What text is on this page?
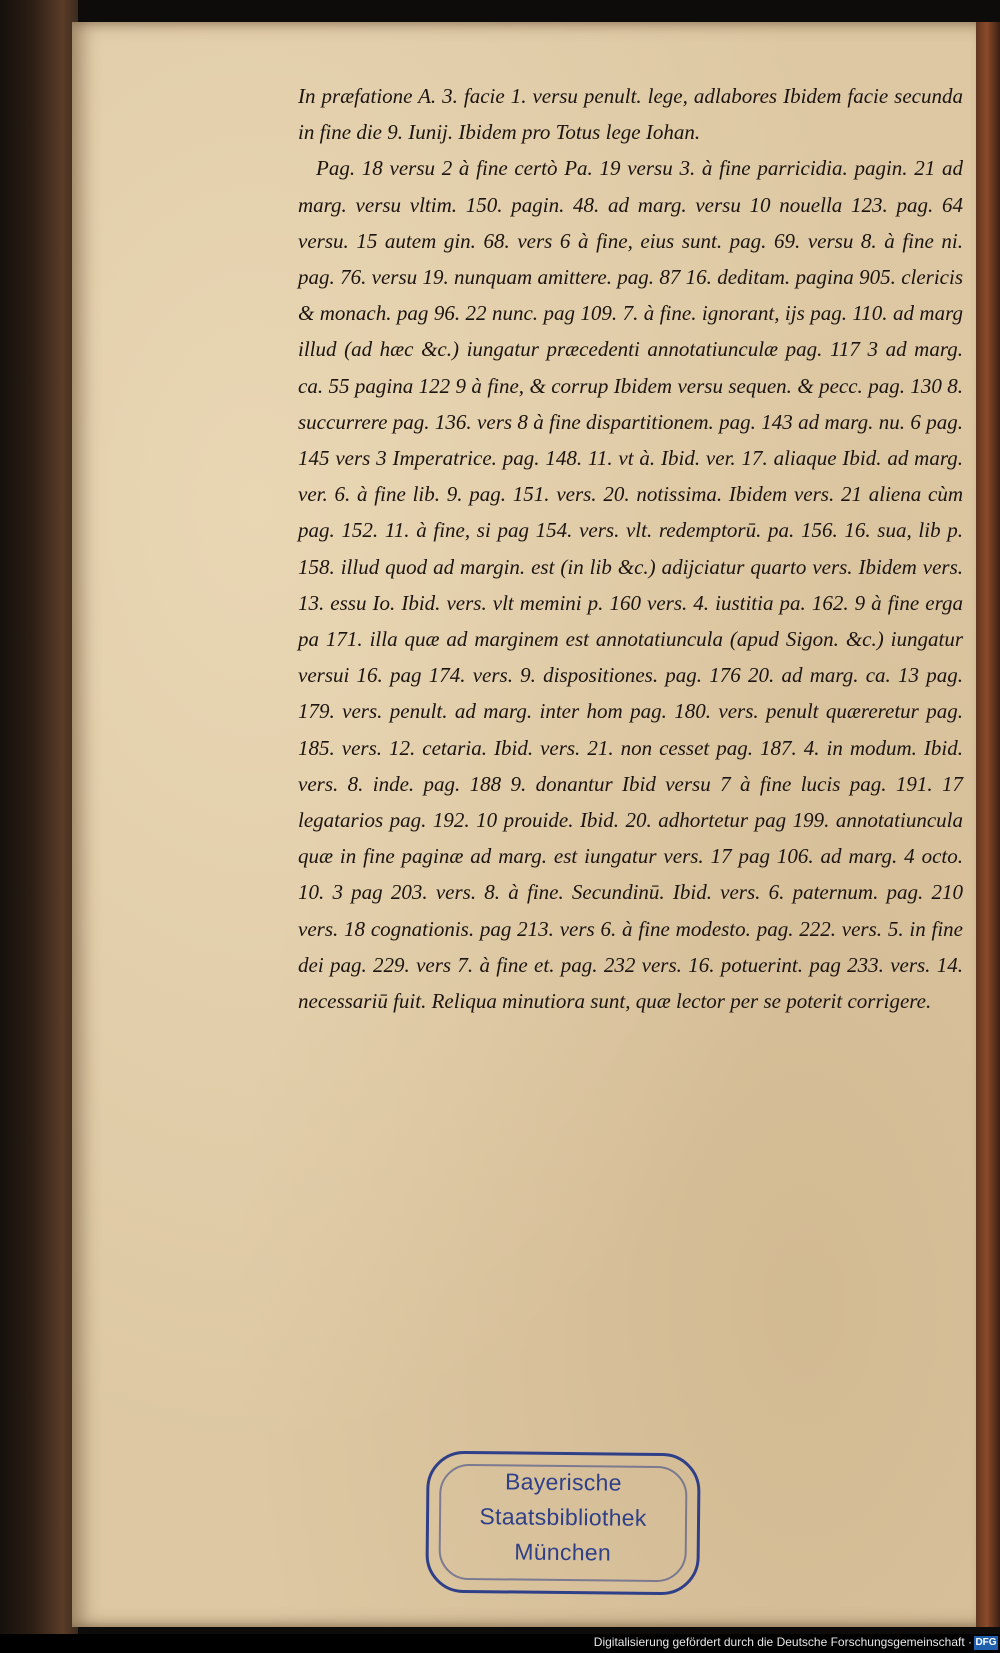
In præfatione A. 3. facie 1. versu penult. lege, adlabores Ibidem facie secunda in fine die 9. Iunij. Ibidem pro Totus lege Iohan.
Pag. 18 versu 2 à fine certò Pa. 19 versu 3. à fine parricidia. pagin. 21 ad marg. versu vltim. 150. pagin. 48. ad marg. versu 10 nouella 123. pag. 64 versu. 15 autem gin. 68. vers 6 à fine, eius sunt. pag. 69. versu 8. à fine ni. pag. 76. versu 19. nunquam amittere. pag. 87 16. deditam. pagina 905. clericis & monach. pag 96. 22 nunc. pag 109. 7. à fine. ignorant, ijs pag. 110. ad marg illud (ad hæc &c.) iungatur præcedenti annotatiunculæ pag. 117 3 ad marg. ca. 55 pagina 122 9 à fine, & corrup Ibidem versu sequen. & pecc. pag. 130 8. succurrere pag. 136. vers 8 à fine dispartitionem. pag. 143 ad marg. nu. 6 pag. 145 vers 3 Imperatrice. pag. 148. 11. vt à. Ibid. ver. 17. aliaque Ibid. ad marg. ver. 6. à fine lib. 9. pag. 151. vers. 20. notissima. Ibidem vers. 21 aliena cùm pag. 152. 11. à fine, si pag 154. vers. vlt. redemptorū. pa. 156. 16. sua, lib p. 158. illud quod ad margin. est (in lib &c.) adijciatur quarto vers. Ibidem vers. 13. essu Io. Ibid. vers. vlt memini p. 160 vers. 4. iustitia pa. 162. 9 à fine erga pa 171. illa quæ ad marginem est annotatiuncula (apud Sigon. &c.) iungatur versui 16. pag 174. vers. 9. dispositiones. pag. 176 20. ad marg. ca. 13 pag. 179. vers. penult. ad marg. inter hom pag. 180. vers. penult quæreretur pag. 185. vers. 12. cetaria. Ibid. vers. 21. non cesset pag. 187. 4. in modum. Ibid. vers. 8. inde. pag. 188 9. donantur Ibid versu 7 à fine lucis pag. 191. 17 legatarios pag. 192. 10 prouide. Ibid. 20. adhortetur pag 199. annotatiuncula quæ in fine paginæ ad marg. est iungatur vers. 17 pag 106. ad marg. 4 octo. 10. 3 pag 203. vers. 8. à fine. Secundinū. Ibid. vers. 6. paternum. pag. 210 vers. 18 cognationis. pag 213. vers 6. à fine modesto. pag. 222. vers. 5. in fine dei pag. 229. vers 7. à fine et. pag. 232 vers. 16. potuerint. pag 233. vers. 14. necessariū fuit. Reliqua minutiora sunt, quæ lector per se poterit corrigere.
Bayerische
Staatsbibliothek
München
Digitalisierung gefördert durch die Deutsche Forschungsgemeinschaft · DFG
